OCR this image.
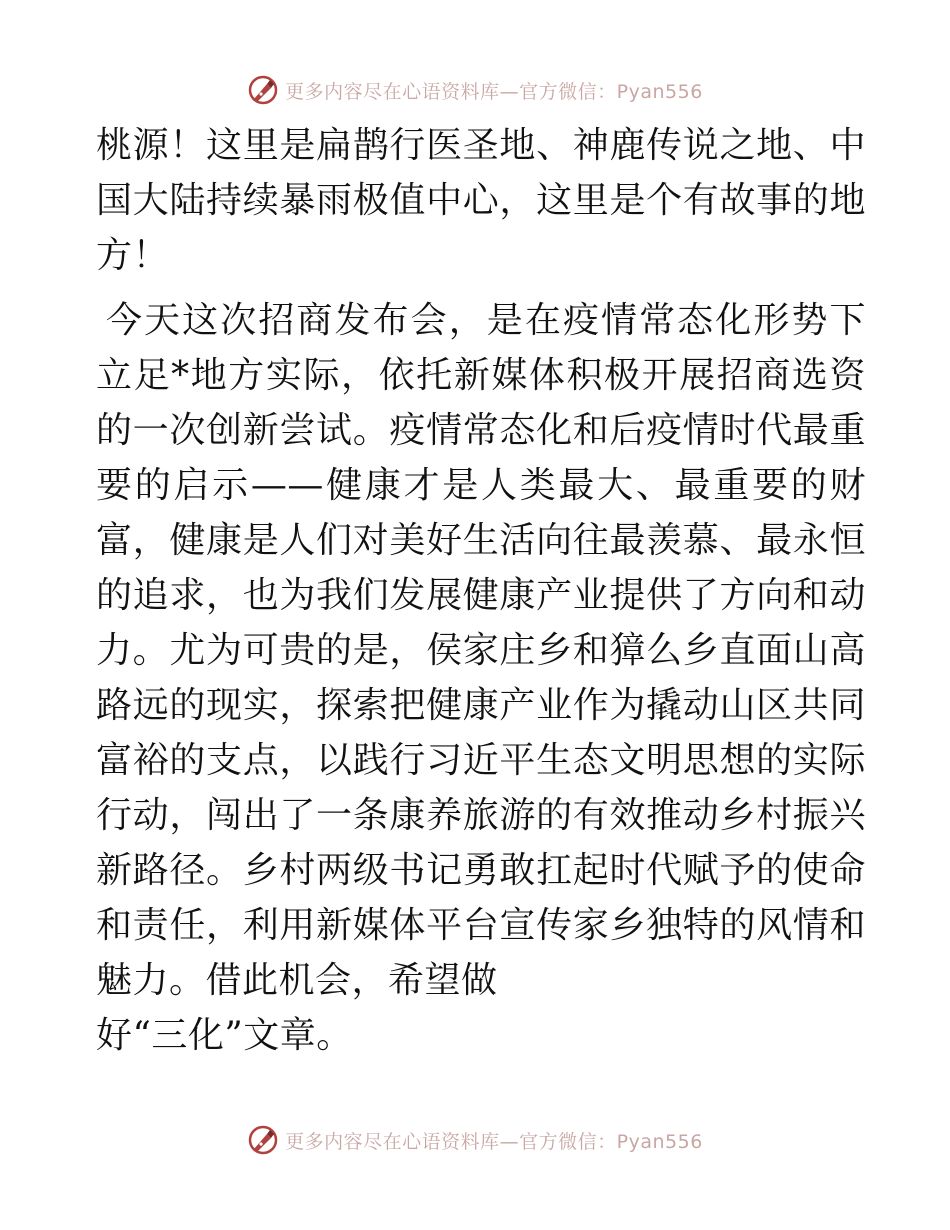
更多内容尽在心语资料库—官方微信：Pyan556

桃源！这里是扁鹊行医圣地、神鹿传说之地、中国大陆持续暴雨极值中心，这里是个有故事的地方！

今天这次招商发布会，是在疫情常态化形势下立足*地方实际，依托新媒体积极开展招商选资的一次创新尝试。疫情常态化和后疫情时代最重要的启示——健康才是人类最大、最重要的财富，健康是人们对美好生活向往最羡慕、最永恒的追求，也为我们发展健康产业提供了方向和动力。尤为可贵的是，侯家庄乡和獐么乡直面山高路远的现实，探索把健康产业作为撬动山区共同富裕的支点，以践行习近平生态文明思想的实际行动，闯出了一条康养旅游的有效推动乡村振兴新路径。乡村两级书记勇敢扛起时代赋予的使命和责任，利用新媒体平台宣传家乡独特的风情和魅力。借此机会，希望做

好“三化”文章。

更多内容尽在心语资料库—官方微信：Pyan556
